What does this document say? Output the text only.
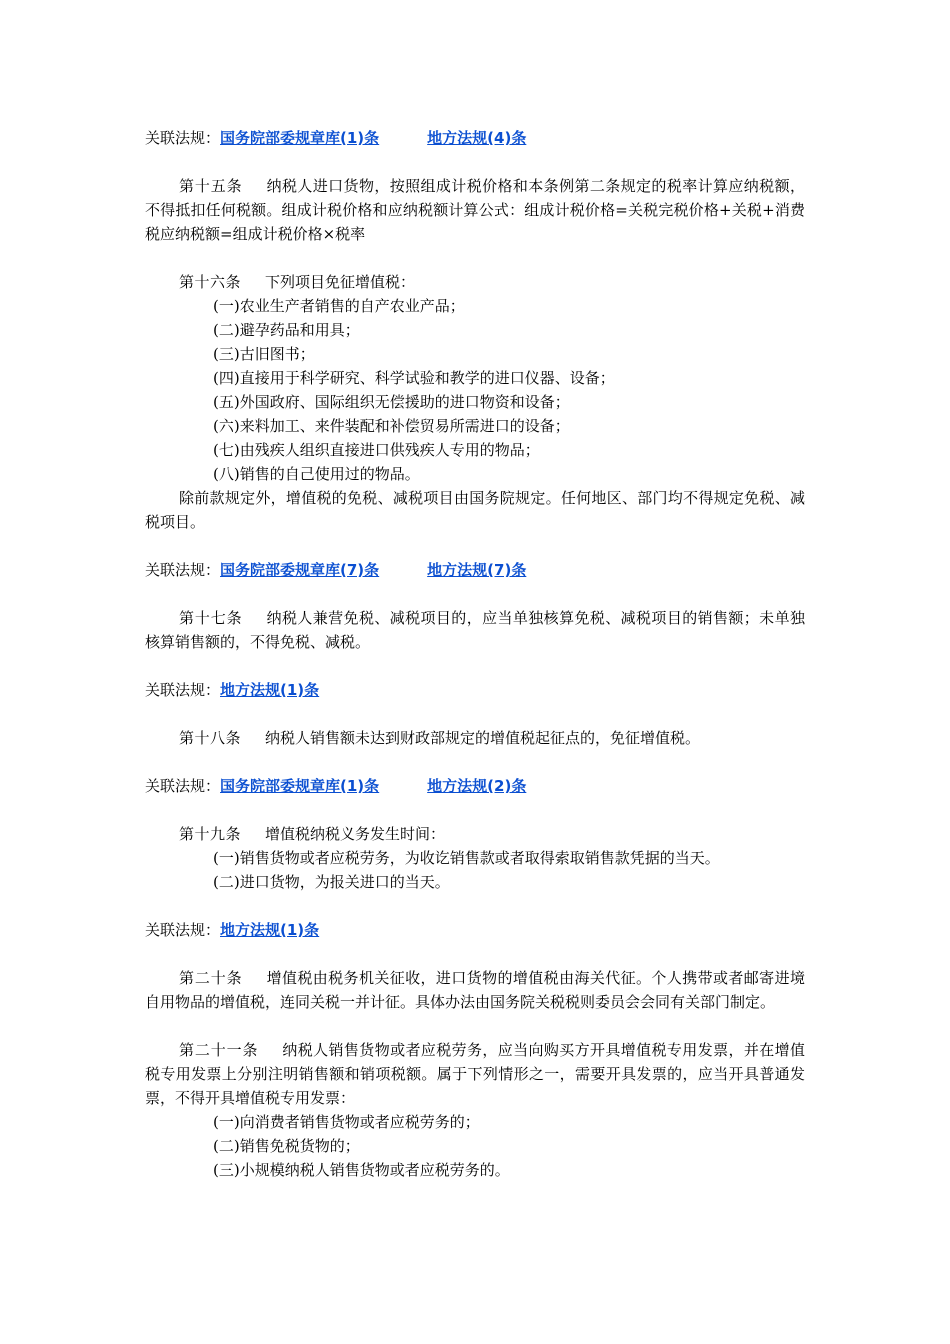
关联法规：国务院部委规章库(1)条	地方法规(4)条

第十五条 纳税人进口货物，按照组成计税价格和本条例第二条规定的税率计算应纳税额，不得抵扣任何税额。组成计税价格和应纳税额计算公式：组成计税价格=关税完税价格+关税+消费税应纳税额=组成计税价格×税率

第十六条 下列项目免征增值税：

(一)农业生产者销售的自产农业产品；

(二)避孕药品和用具；

(三)古旧图书；

(四)直接用于科学研究、科学试验和教学的进口仪器、设备；

(五)外国政府、国际组织无偿援助的进口物资和设备；

(六)来料加工、来件装配和补偿贸易所需进口的设备；

(七)由残疾人组织直接进口供残疾人专用的物品；

(八)销售的自己使用过的物品。

除前款规定外，增值税的免税、减税项目由国务院规定。任何地区、部门均不得规定免税、减税项目。

关联法规：国务院部委规章库(7)条	地方法规(7)条

第十七条 纳税人兼营免税、减税项目的，应当单独核算免税、减税项目的销售额；未单独核算销售额的，不得免税、减税。

关联法规：地方法规(1)条

第十八条 纳税人销售额未达到财政部规定的增值税起征点的，免征增值税。

关联法规：国务院部委规章库(1)条	地方法规(2)条

第十九条 增值税纳税义务发生时间：

(一)销售货物或者应税劳务，为收讫销售款或者取得索取销售款凭据的当天。

(二)进口货物，为报关进口的当天。

关联法规：地方法规(1)条

第二十条 增值税由税务机关征收，进口货物的增值税由海关代征。个人携带或者邮寄进境自用物品的增值税，连同关税一并计征。具体办法由国务院关税税则委员会会同有关部门制定。

第二十一条 纳税人销售货物或者应税劳务，应当向购买方开具增值税专用发票，并在增值税专用发票上分别注明销售额和销项税额。属于下列情形之一，需要开具发票的，应当开具普通发票，不得开具增值税专用发票：

(一)向消费者销售货物或者应税劳务的；

(二)销售免税货物的；

(三)小规模纳税人销售货物或者应税劳务的。
